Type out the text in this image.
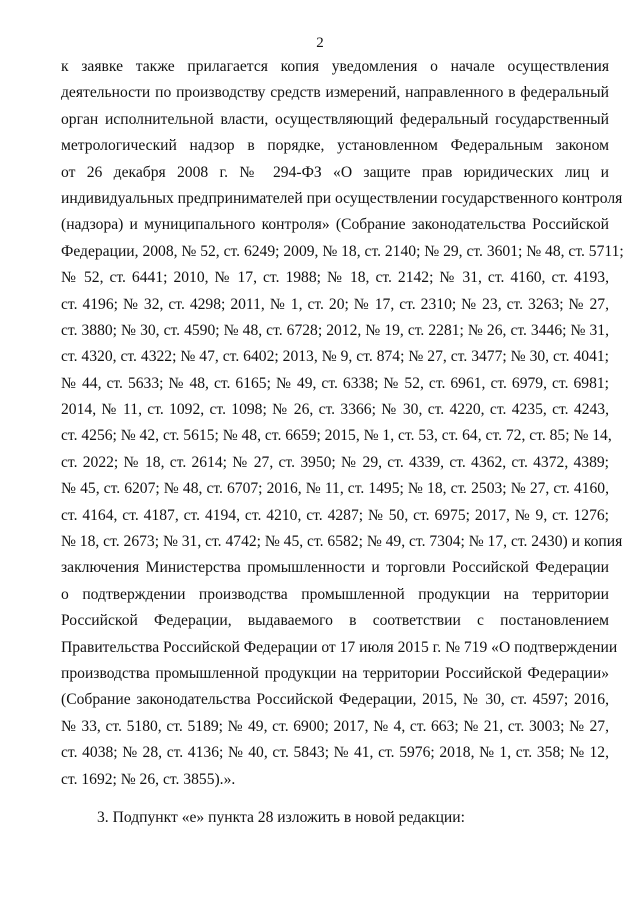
2
к заявке также прилагается копия уведомления о начале осуществления
деятельности по производству средств измерений, направленного в федеральный
орган исполнительной власти, осуществляющий федеральный государственный
метрологический надзор в порядке, установленном Федеральным законом
от 26 декабря 2008 г. № 294-ФЗ «О защите прав юридических лиц и
индивидуальных предпринимателей при осуществлении государственного контроля
(надзора) и муниципального контроля» (Собрание законодательства Российской
Федерации, 2008, № 52, ст. 6249; 2009, № 18, ст. 2140; № 29, ст. 3601; № 48, ст. 5711;
№ 52, ст. 6441; 2010, № 17, ст. 1988; № 18, ст. 2142; № 31, ст. 4160, ст. 4193,
ст. 4196; № 32, ст. 4298; 2011, № 1, ст. 20; № 17, ст. 2310; № 23, ст. 3263; № 27,
ст. 3880; № 30, ст. 4590; № 48, ст. 6728; 2012, № 19, ст. 2281; № 26, ст. 3446; № 31,
ст. 4320, ст. 4322; № 47, ст. 6402; 2013, № 9, ст. 874; № 27, ст. 3477; № 30, ст. 4041;
№ 44, ст. 5633; № 48, ст. 6165; № 49, ст. 6338; № 52, ст. 6961, ст. 6979, ст. 6981;
2014, № 11, ст. 1092, ст. 1098; № 26, ст. 3366; № 30, ст. 4220, ст. 4235, ст. 4243,
ст. 4256; № 42, ст. 5615; № 48, ст. 6659; 2015, № 1, ст. 53, ст. 64, ст. 72, ст. 85; № 14,
ст. 2022; № 18, ст. 2614; № 27, ст. 3950; № 29, ст. 4339, ст. 4362, ст. 4372, 4389;
№ 45, ст. 6207; № 48, ст. 6707; 2016, № 11, ст. 1495; № 18, ст. 2503; № 27, ст. 4160,
ст. 4164, ст. 4187, ст. 4194, ст. 4210, ст. 4287; № 50, ст. 6975; 2017, № 9, ст. 1276;
№ 18, ст. 2673; № 31, ст. 4742; № 45, ст. 6582; № 49, ст. 7304; № 17, ст. 2430) и копия
заключения Министерства промышленности и торговли Российской Федерации
о подтверждении производства промышленной продукции на территории
Российской Федерации, выдаваемого в соответствии с постановлением
Правительства Российской Федерации от 17 июля 2015 г. № 719 «О подтверждении
производства промышленной продукции на территории Российской Федерации»
(Собрание законодательства Российской Федерации, 2015, № 30, ст. 4597; 2016,
№ 33, ст. 5180, ст. 5189; № 49, ст. 6900; 2017, № 4, ст. 663; № 21, ст. 3003; № 27,
ст. 4038; № 28, ст. 4136; № 40, ст. 5843; № 41, ст. 5976; 2018, № 1, ст. 358; № 12,
ст. 1692; № 26, ст. 3855).».
3. Подпункт «е» пункта 28 изложить в новой редакции:
